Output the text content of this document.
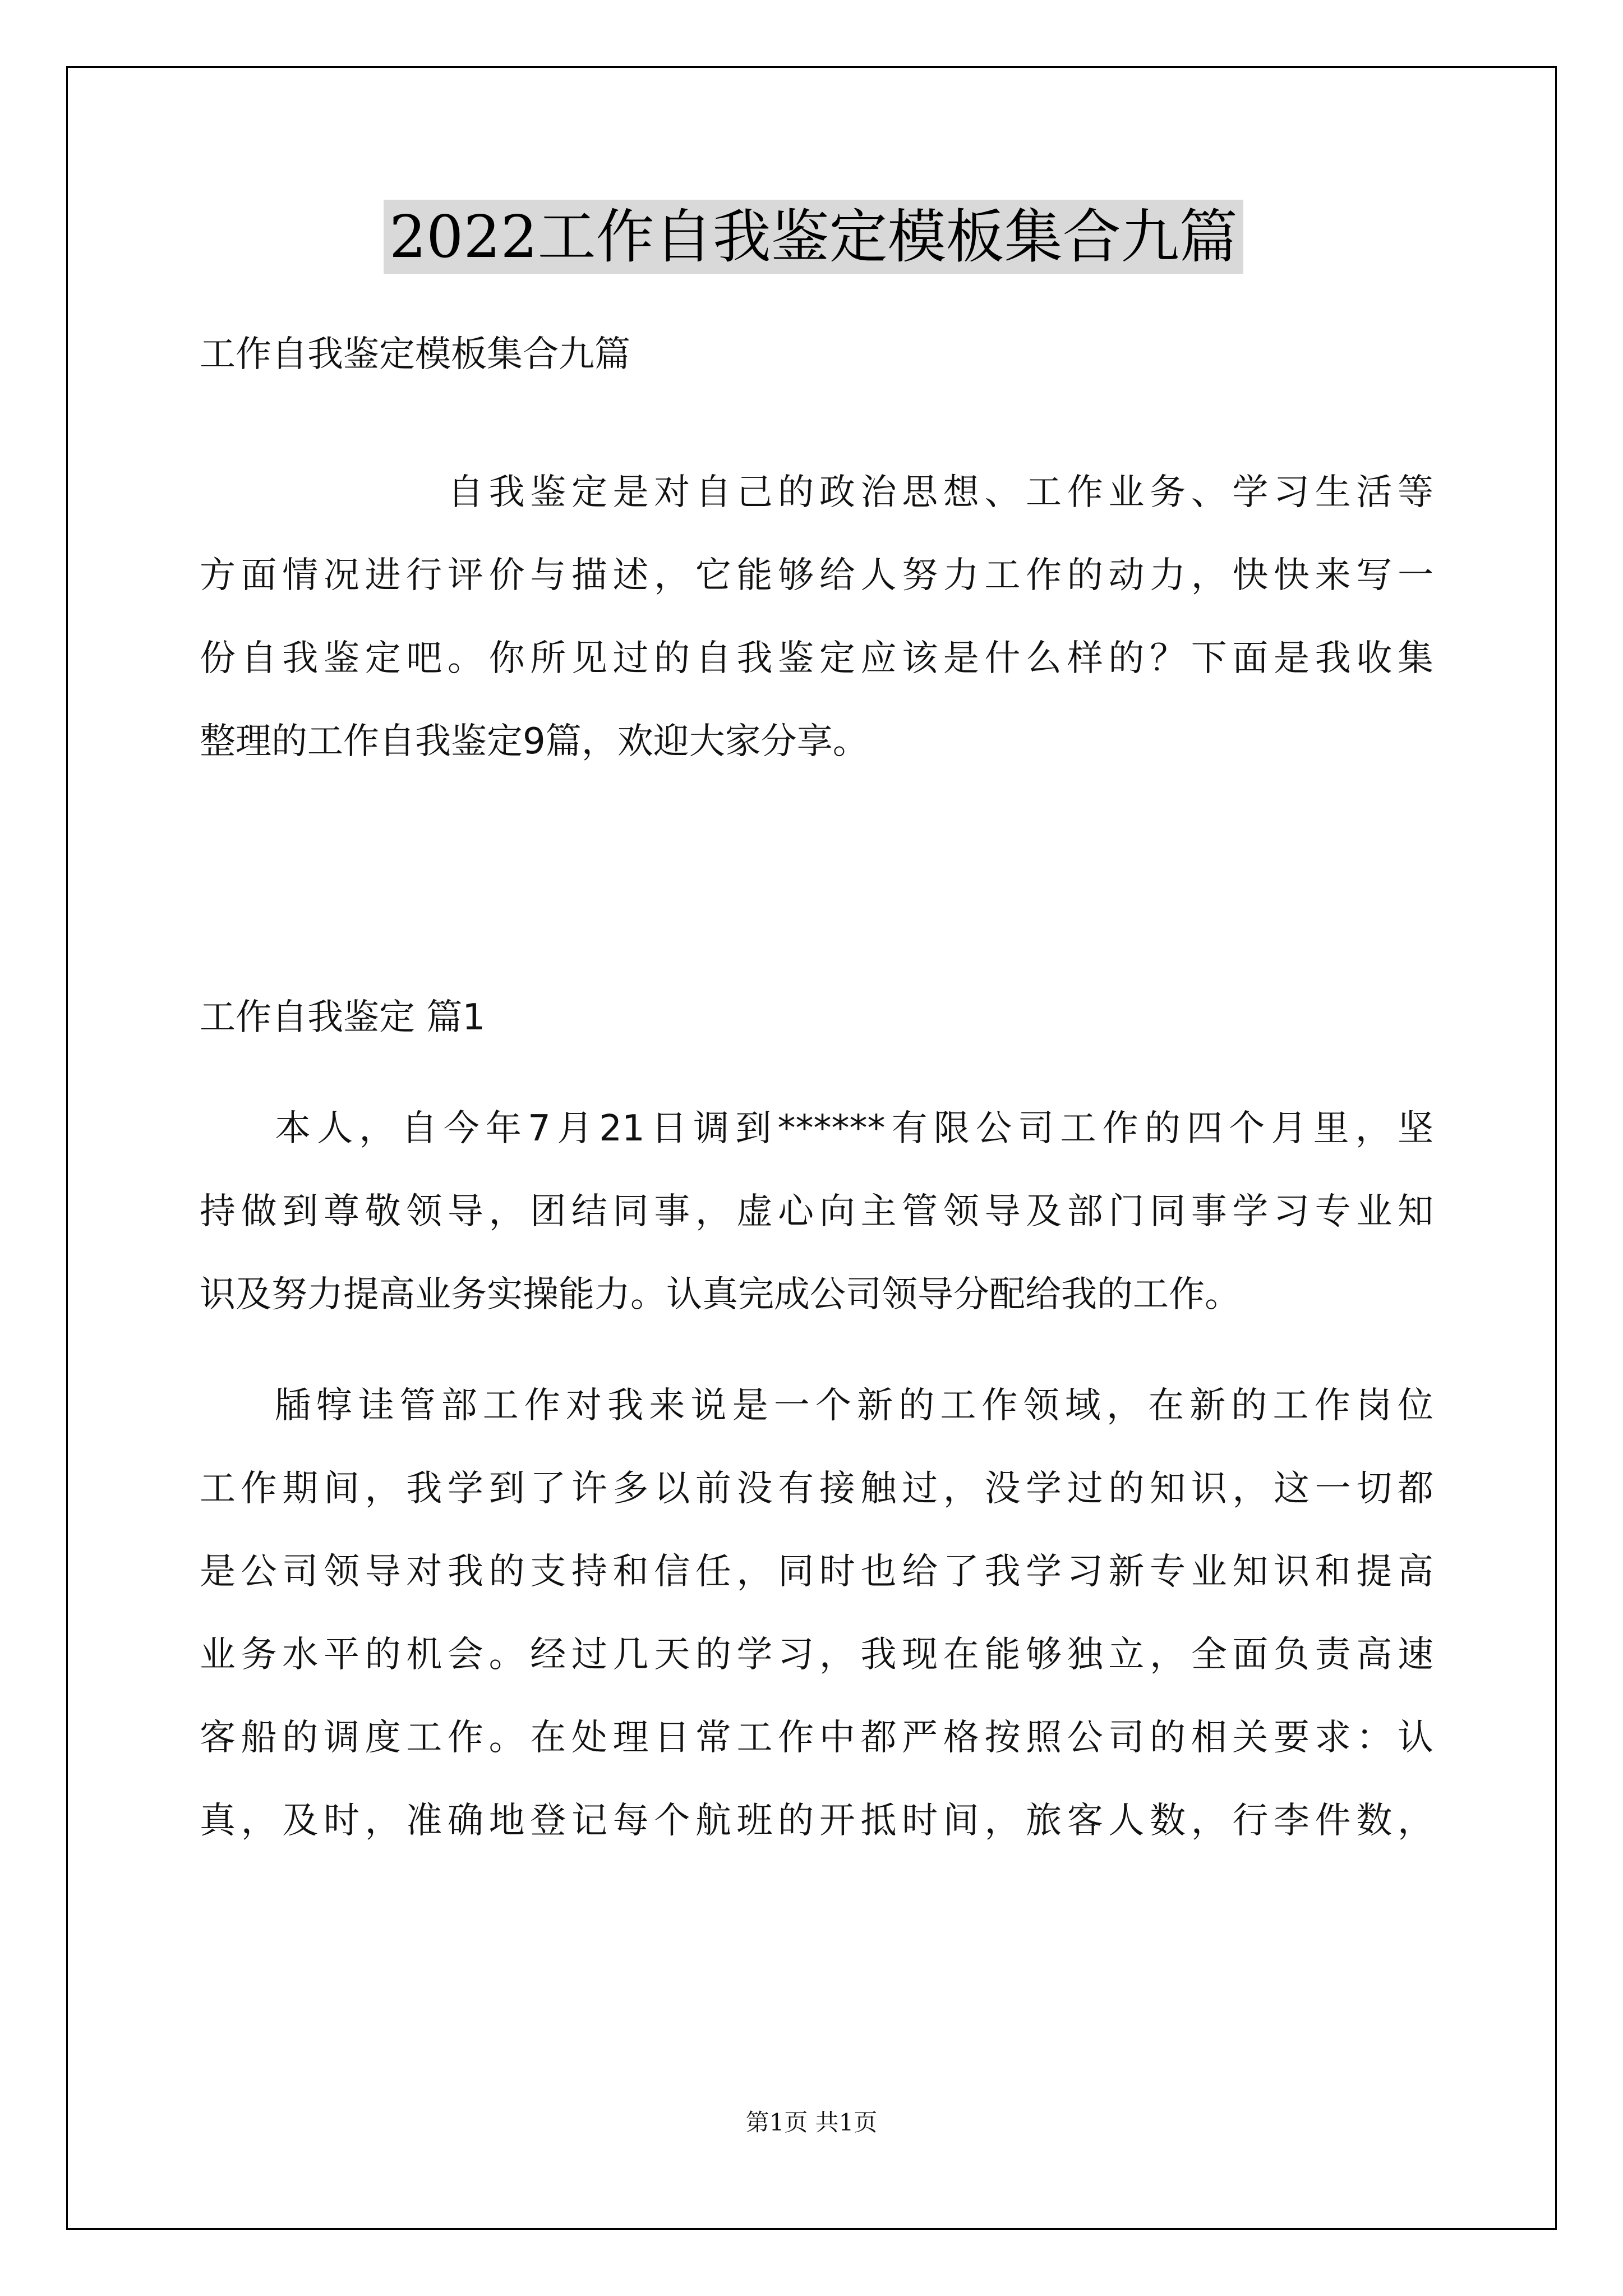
2022工作自我鉴定模板集合九篇
工作自我鉴定模板集合九篇
自我鉴定是对自己的政治思想、工作业务、学习生活等
方面情况进行评价与描述，它能够给人努力工作的动力，快快来写一
份自我鉴定吧。你所见过的自我鉴定应该是什么样的？下面是我收集
整理的工作自我鉴定9篇，欢迎大家分享。
工作自我鉴定 篇1
本人，自今年7月21日调到******有限公司工作的四个月里，坚
持做到尊敬领导，团结同事，虚心向主管领导及部门同事学习专业知
识及努力提高业务实操能力。认真完成公司领导分配给我的工作。
牐犉诖管部工作对我来说是一个新的工作领域，在新的工作岗位
工作期间，我学到了许多以前没有接触过，没学过的知识，这一切都
是公司领导对我的支持和信任，同时也给了我学习新专业知识和提高
业务水平的机会。经过几天的学习，我现在能够独立，全面负责高速
客船的调度工作。在处理日常工作中都严格按照公司的相关要求：认
真，及时，准确地登记每个航班的开抵时间，旅客人数，行李件数，
第1页 共1页
